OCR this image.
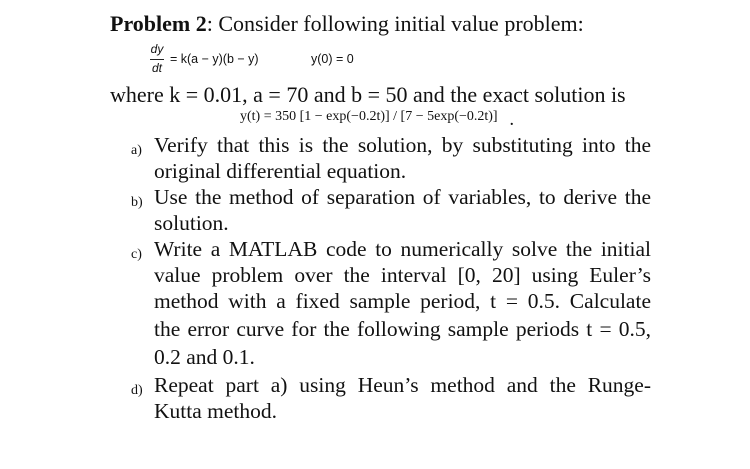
Problem 2: Consider following initial value problem:
dy
dt
= k(a − y)(b − y)	y(0) = 0
where k = 0.01, a = 70 and b = 50 and the exact solution is
y(t) = 350 [1 − exp(−0.2t)] / [7 − 5exp(−0.2t)] .
a) Verify that this is the solution, by substituting into the
original differential equation.
b) Use the method of separation of variables, to derive the
solution.
c) Write a MATLAB code to numerically solve the initial
value problem over the interval [0, 20] using Euler’s
method with a fixed sample period, t = 0.5. Calculate
the error curve for the following sample periods t = 0.5,
0.2 and 0.1.
d) Repeat part a) using Heun’s method and the Runge-
Kutta method.
